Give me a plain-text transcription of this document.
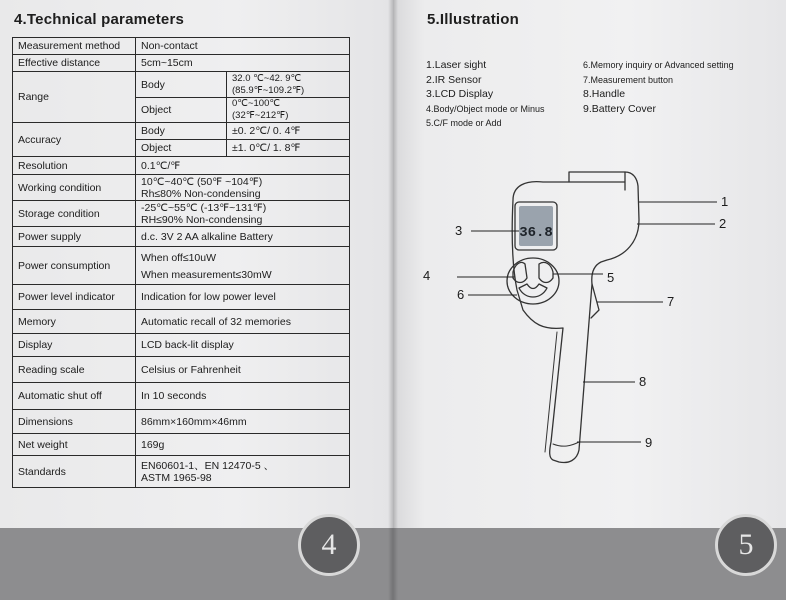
4.Technical parameters
Measurement method	Non-contact	
Effective distance	5cm~15cm	
Range	Body	32.0 ℃~42. 9℃
(85.9℉~109.2℉)

	Object	0℃~100℃
(32℉~212℉)

Accuracy	Body	±0. 2℃/ 0. 4℉
	Object	±1. 0℃/ 1. 8℉
Resolution	0.1℃/℉	
Working condition	10℃~40℃ (50℉ ~104℉)
Rh≤80% Non-condensing	

Storage condition	-25℃~55℃ (-13℉~131℉)
RH≤90% Non-condensing	

Power supply	d.c. 3V 2 AA alkaline Battery	
Power consumption	When off≤10uW
When measurement≤30mW	

Power level indicator	Indication for low power level	
Memory	Automatic recall of 32 memories	
Display	LCD back-lit display	
Reading scale	Celsius or Fahrenheit	
Automatic shut off	In 10 seconds	
Dimensions	86mm×160mm×46mm	
Net weight	169g	
Standards	EN60601-1、EN 12470-5 、
ASTM 1965-98	
4
5.Illustration
1.Laser sight
2.IR Sensor
3.LCD Display
4.Body/Object mode or Minus
5.C/F mode or Add
6.Memory inquiry or Advanced setting
7.Measurement button
8.Handle
9.Battery Cover
36.8
1
2
3
4	5
6	7
8
9
5
